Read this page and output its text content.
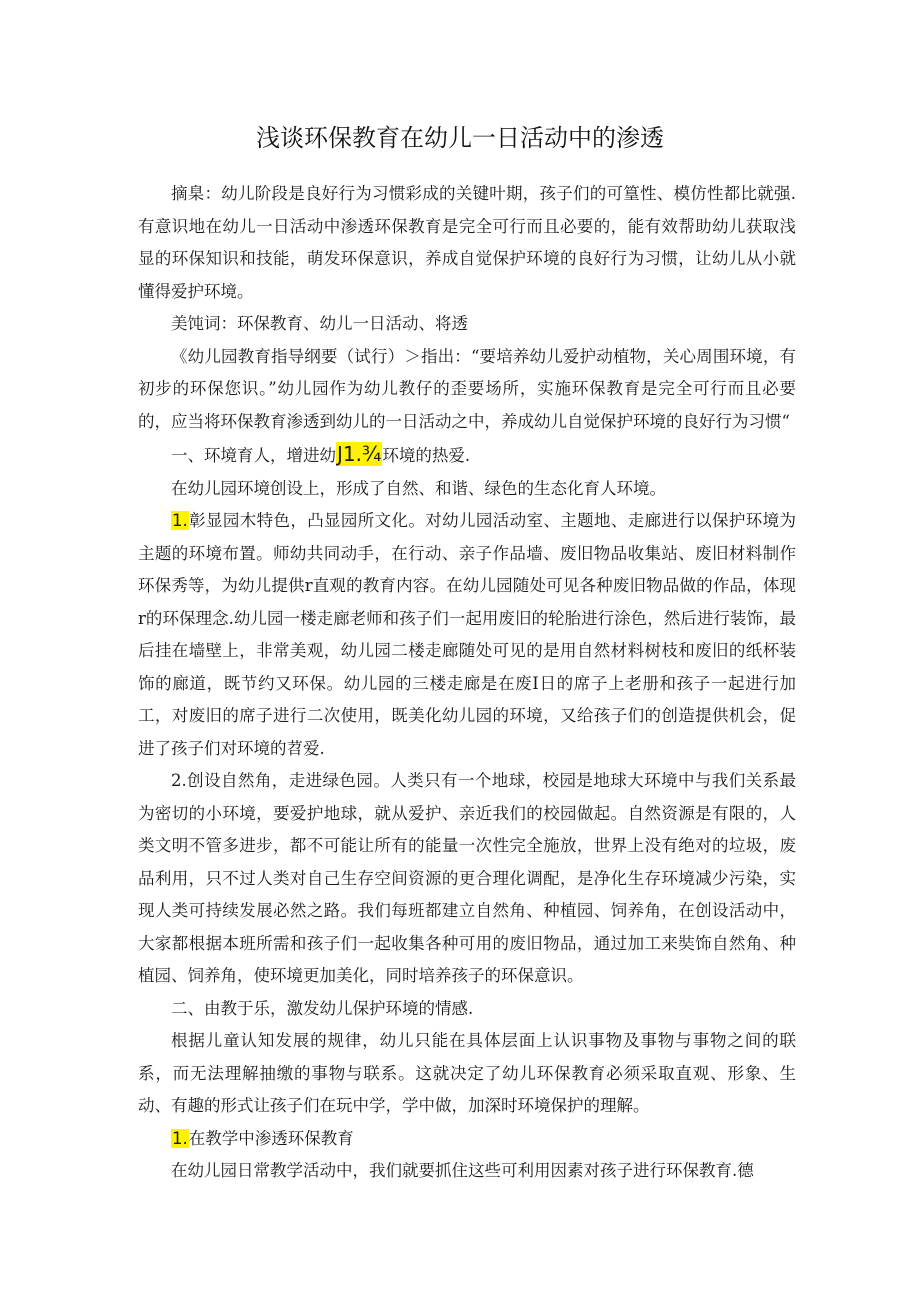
浅谈环保教育在幼儿一日活动中的渗透

摘臬：幼儿阶段是良好行为习惯彩成的关键叶期，孩子们的可篁性、模仿性都比就强.有意识地在幼儿一日活动中渗透环保教育是完全可行而且必要的，能有效帮助幼儿获取浅显的环保知识和技能，萌发环保意识，养成自觉保护环境的良好行为习惯，让幼儿从小就懂得爱护环境。

美饨词：环保教育、幼儿一日活动、将透

《幼儿园教育指导纲要（试行）＞指出：“要培养幼儿爱护动植物，关心周围环境，有初步的环保您识。”幼儿园作为幼儿教仔的歪要场所，实施环保教育是完全可行而且必要的，应当将环保教育渗透到幼儿的一日活动之中，养成幼儿自觉保护环境的良好行为习惯“

一、环境育人，增进幼J1.¾环境的热爱.

在幼儿园环境创设上，形成了自然、和谐、绿色的生态化育人环境。

1.彰显园木特色，凸显园所文化。对幼儿园活动室、主题地、走廊进行以保护环境为主题的环境布置。师幼共同动手，在行动、亲子作品墙、废旧物品收集站、废旧材料制作环保秀等，为幼儿提供r直观的教育内容。在幼儿园随处可见各种废旧物品做的作品，体现r的环保理念.幼儿园一楼走廊老师和孩子们一起用废旧的轮胎进行涂色，然后进行装饰，最后挂在墙壁上，非常美观，幼儿园二楼走廊随处可见的是用自然材料树枝和废旧的纸杯装饰的廊道，既节约又环保。幼儿园的三楼走廊是在废I日的席子上老册和孩子一起进行加工，对废旧的席子进行二次使用，既美化幼儿园的环境，又给孩子们的创造提供机会，促进了孩子们对环境的苕爱.

2.创设自然角，走进绿色园。人类只有一个地球，校园是地球大环境中与我们关系最为密切的小环境，要爱护地球，就从爱护、亲近我们的校园做起。自然资源是有限的，人类文明不管多进步，都不可能让所有的能量一次性完全施放，世界上没有绝对的垃圾，废品利用，只不过人类对自己生存空间资源的更合理化调配，是净化生存环境减少污染，实现人类可持续发展必然之路。我们每班都建立自然角、种植园、饲养角，在创设活动中，大家都根据本班所需和孩子们一起收集各种可用的废旧物品，通过加工来奘饰自然角、种植园、饲养角，使环境更加美化，同时培养孩子的环保意识。

二、由教于乐，激发幼儿保护环境的情感.

根据儿童认知发展的规律，幼儿只能在具体层面上认识事物及事物与事物之间的联系，而无法理解抽缴的事物与联系。这就决定了幼儿环保教育必须采取直观、形象、生动、有趣的形式让孩子们在玩中学，学中做，加深时环境保护的理解。

1.在教学中渗透环保教育

在幼儿园日常教学活动中，我们就要抓住这些可利用因素对孩子进行环保教育.德
